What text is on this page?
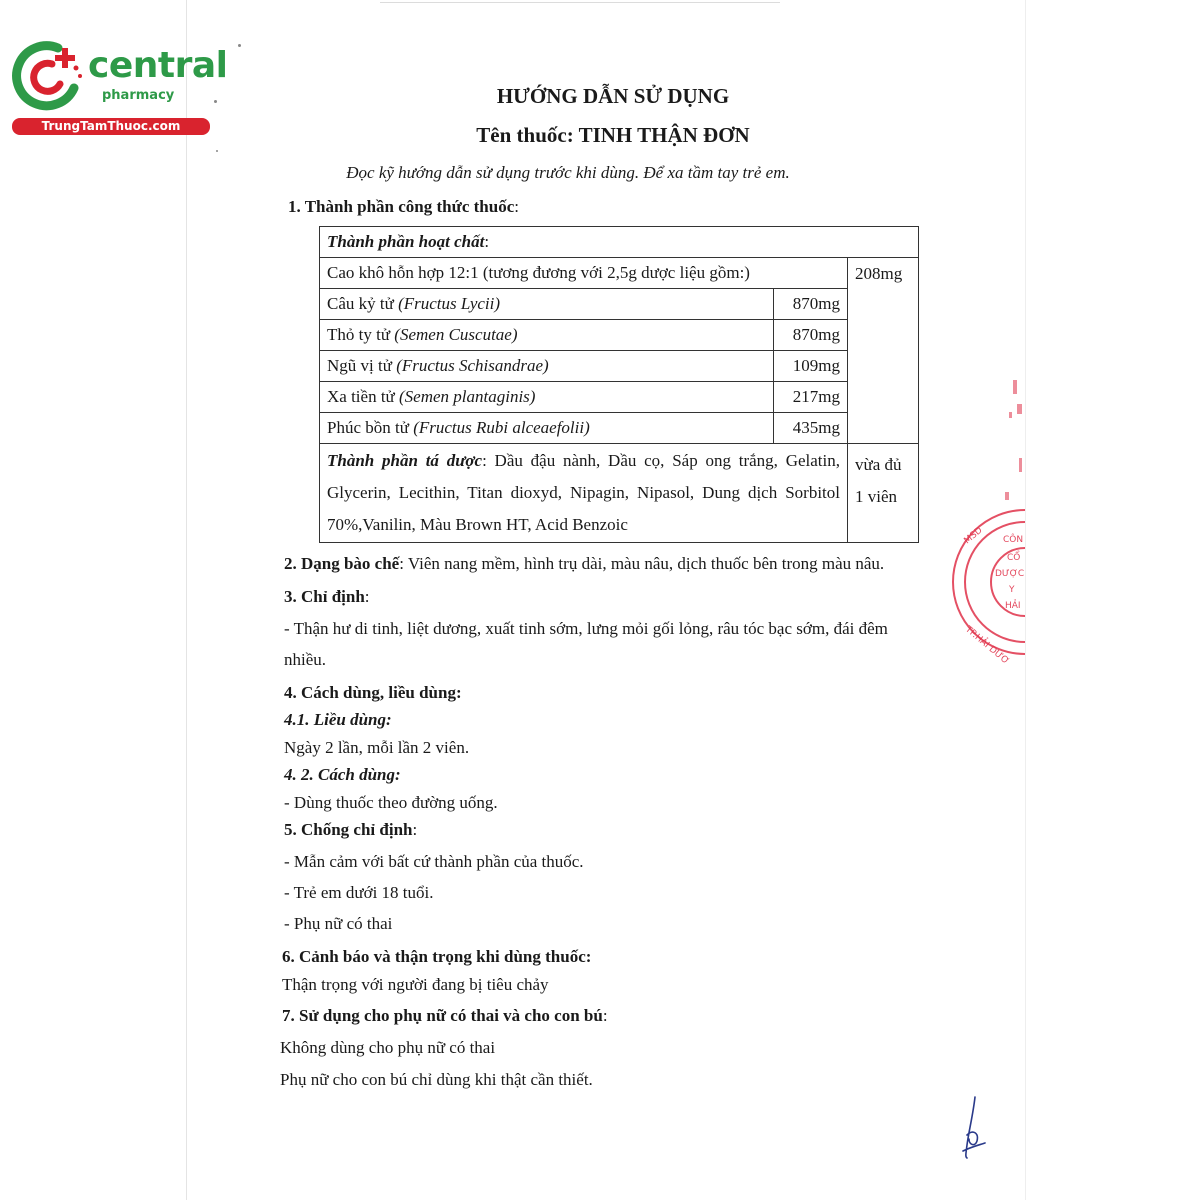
central
pharmacy
TrungTamThuoc.com
HƯỚNG DẪN SỬ DỤNG
Tên thuốc: TINH THẬN ĐƠN
Đọc kỹ hướng dẫn sử dụng trước khi dùng. Để xa tầm tay trẻ em.
1. Thành phần công thức thuốc:
Thành phần hoạt chất:		
Cao khô hỗn hợp 12:1 (tương đương với 2,5g dược liệu gồm:)		208mg
Câu kỷ tử (Fructus Lycii)	870mg	
Thỏ ty tử (Semen Cuscutae)	870mg	
Ngũ vị tử (Fructus Schisandrae)	109mg	
Xa tiền tử (Semen plantaginis)	217mg	
Phúc bồn tử (Fructus Rubi alceaefolii)	435mg	
Thành phần tá dược: Dầu đậu nành, Dầu cọ, Sáp ong trắng, Gelatin, Glycerin, Lecithin, Titan dioxyd, Nipagin, Nipasol, Dung dịch Sorbitol 70%,Vanilin, Màu Brown HT, Acid Benzoic		vừa đủ 1 viên
2. Dạng bào chế: Viên nang mềm, hình trụ dài, màu nâu, dịch thuốc bên trong màu nâu.
3. Chỉ định:
- Thận hư di tinh, liệt dương, xuất tinh sớm, lưng mỏi gối lỏng, râu tóc bạc sớm, đái đêm
nhiều.
4. Cách dùng, liều dùng:
4.1. Liều dùng:
Ngày 2 lần, mỗi lần 2 viên.
4. 2. Cách dùng:
- Dùng thuốc theo đường uống.
5. Chống chỉ định:
- Mẫn cảm với bất cứ thành phần của thuốc.
- Trẻ em dưới 18 tuổi.
- Phụ nữ có thai
6. Cảnh báo và thận trọng khi dùng thuốc:
Thận trọng với người đang bị tiêu chảy
7. Sử dụng cho phụ nữ có thai và cho con bú:
Không dùng cho phụ nữ có thai
Phụ nữ cho con bú chỉ dùng khi thật cần thiết.
MSD CÔN
CỔ
DƯỢC
Y
HẢI
TP.HẢI DƯƠ
